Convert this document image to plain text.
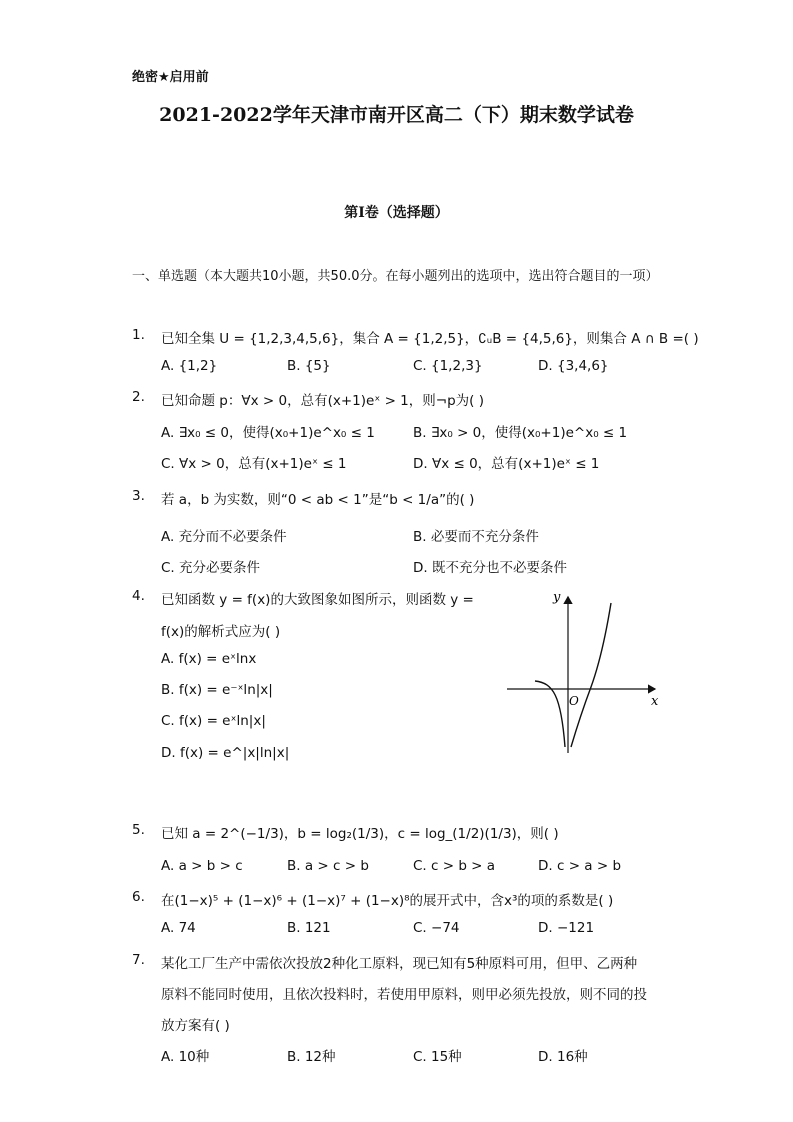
绝密★启用前
2021-2022学年天津市南开区高二（下）期末数学试卷
第Ⅰ卷（选择题）
一、单选题（本大题共10小题，共50.0分。在每小题列出的选项中，选出符合题目的一项）
1. 已知全集 U = {1,2,3,4,5,6}，集合 A = {1,2,5}，∁ᵤB = {4,5,6}，则集合 A ∩ B =( )
A. {1,2}	B. {5}	C. {1,2,3}	D. {3,4,6}
2. 已知命题 p：∀x > 0，总有(x+1)eˣ > 1，则¬p为( )
A. ∃x₀ ≤ 0，使得(x₀+1)e^x₀ ≤ 1	B. ∃x₀ > 0，使得(x₀+1)e^x₀ ≤ 1
C. ∀x > 0，总有(x+1)eˣ ≤ 1	D. ∀x ≤ 0，总有(x+1)eˣ ≤ 1
3. 若 a，b 为实数，则“0 < ab < 1”是“b < 1/a”的( )
A. 充分而不必要条件	B. 必要而不充分条件
C. 充分必要条件	D. 既不充分也不必要条件
4. 已知函数 y = f(x)的大致图象如图所示，则函数 y =
f(x)的解析式应为( )
A. f(x) = eˣlnx
B. f(x) = e⁻ˣln|x|
C. f(x) = eˣln|x|
D. f(x) = e^|x|ln|x|
y
x
O
5. 已知 a = 2^(−1/3)，b = log₂(1/3)，c = log_(1/2)(1/3)，则( )
A. a > b > c	B. a > c > b	C. c > b > a	D. c > a > b
6. 在(1−x)⁵ + (1−x)⁶ + (1−x)⁷ + (1−x)⁸的展开式中，含x³的项的系数是( )
A. 74	B. 121	C. −74	D. −121
7. 某化工厂生产中需依次投放2种化工原料，现已知有5种原料可用，但甲、乙两种
原料不能同时使用，且依次投料时，若使用甲原料，则甲必须先投放，则不同的投
放方案有( )
A. 10种	B. 12种	C. 15种	D. 16种
